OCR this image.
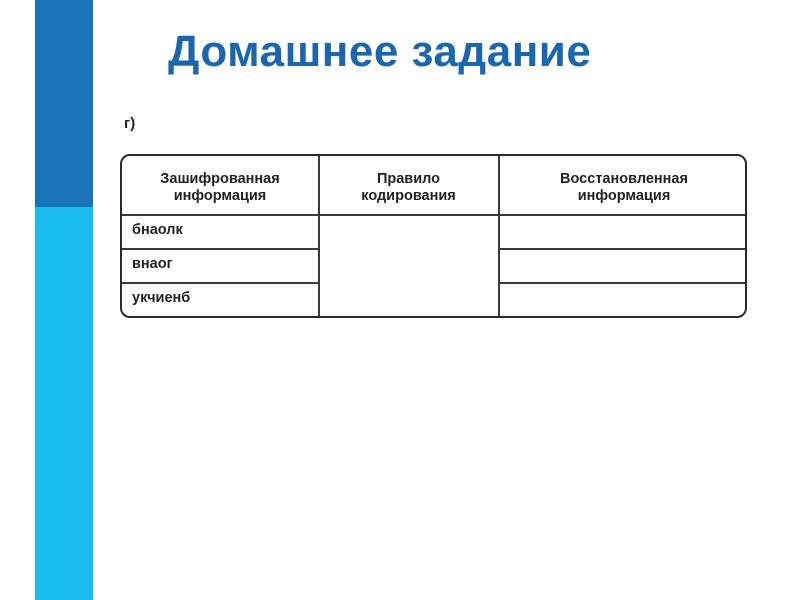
Домашнее задание
г)
Зашифрованная
информация
Правило
кодирования
Восстановленная
информация
бнаолк
внаог
укчиенб
